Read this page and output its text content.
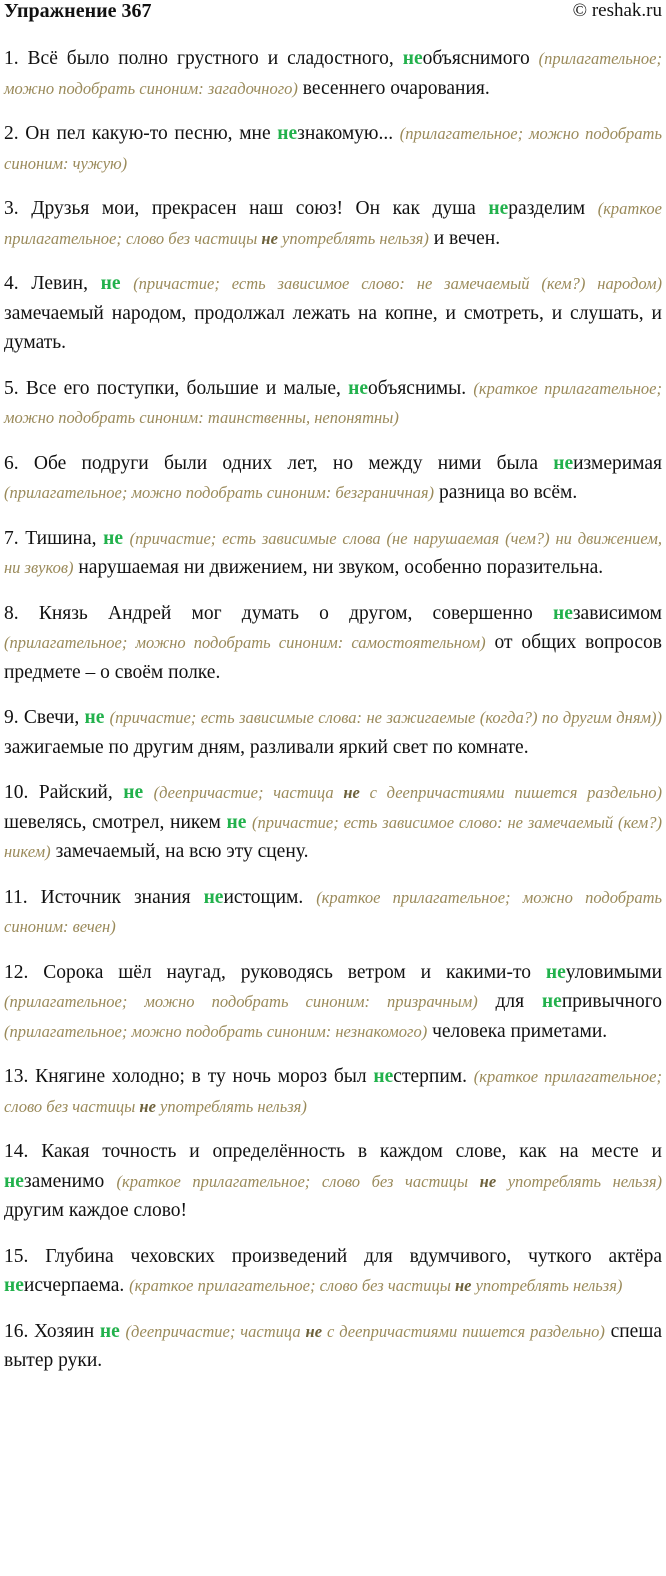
Упражнение 367	© reshak.ru

1. Всё было полно грустного и сладостного, необъяснимого (прилагательное; можно подобрать синоним: загадочного) весеннего очарования.

2. Он пел какую-то песню, мне незнакомую... (прилагательное; можно подобрать синоним: чужую)

3. Друзья мои, прекрасен наш союз! Он как душа неразделим (краткое прилагательное; слово без частицы не употреблять нельзя) и вечен.

4. Левин, не (причастие; есть зависимое слово: не замечаемый (кем?) народом) замечаемый народом, продолжал лежать на копне, и смотреть, и слушать, и думать.

5. Все его поступки, большие и малые, необъяснимы. (краткое прилагательное; можно подобрать синоним: таинственны, непонятны)

6. Обе подруги были одних лет, но между ними была неизмеримая (прилагательное; можно подобрать синоним: безграничная) разница во всём.

7. Тишина, не (причастие; есть зависимые слова (не нарушаемая (чем?) ни движением, ни звуков) нарушаемая ни движением, ни звуком, особенно поразительна.

8. Князь Андрей мог думать о другом, совершенно независимом (прилагательное; можно подобрать синоним: самостоятельном) от общих вопросов предмете – о своём полке.

9. Свечи, не (причастие; есть зависимые слова: не зажигаемые (когда?) по другим дням)) зажигаемые по другим дням, разливали яркий свет по комнате.

10. Райский, не (деепричастие; частица не с деепричастиями пишется раздельно) шевелясь, смотрел, никем не (причастие; есть зависимое слово: не замечаемый (кем?) никем) замечаемый, на всю эту сцену.

11. Источник знания неистощим. (краткое прилагательное; можно подобрать синоним: вечен)

12. Сорока шёл наугад, руководясь ветром и какими-то неуловимыми (прилагательное; можно подобрать синоним: призрачным) для непривычного (прилагательное; можно подобрать синоним: незнакомого) человека приметами.

13. Княгине холодно; в ту ночь мороз был нестерпим. (краткое прилагательное; слово без частицы не употреблять нельзя)

14. Какая точность и определённость в каждом слове, как на месте и незаменимо (краткое прилагательное; слово без частицы не употреблять нельзя) другим каждое слово!

15. Глубина чеховских произведений для вдумчивого, чуткого актёра неисчерпаема. (краткое прилагательное; слово без частицы не употреблять нельзя)

16. Хозяин не (деепричастие; частица не с деепричастиями пишется раздельно) спеша вытер руки.
